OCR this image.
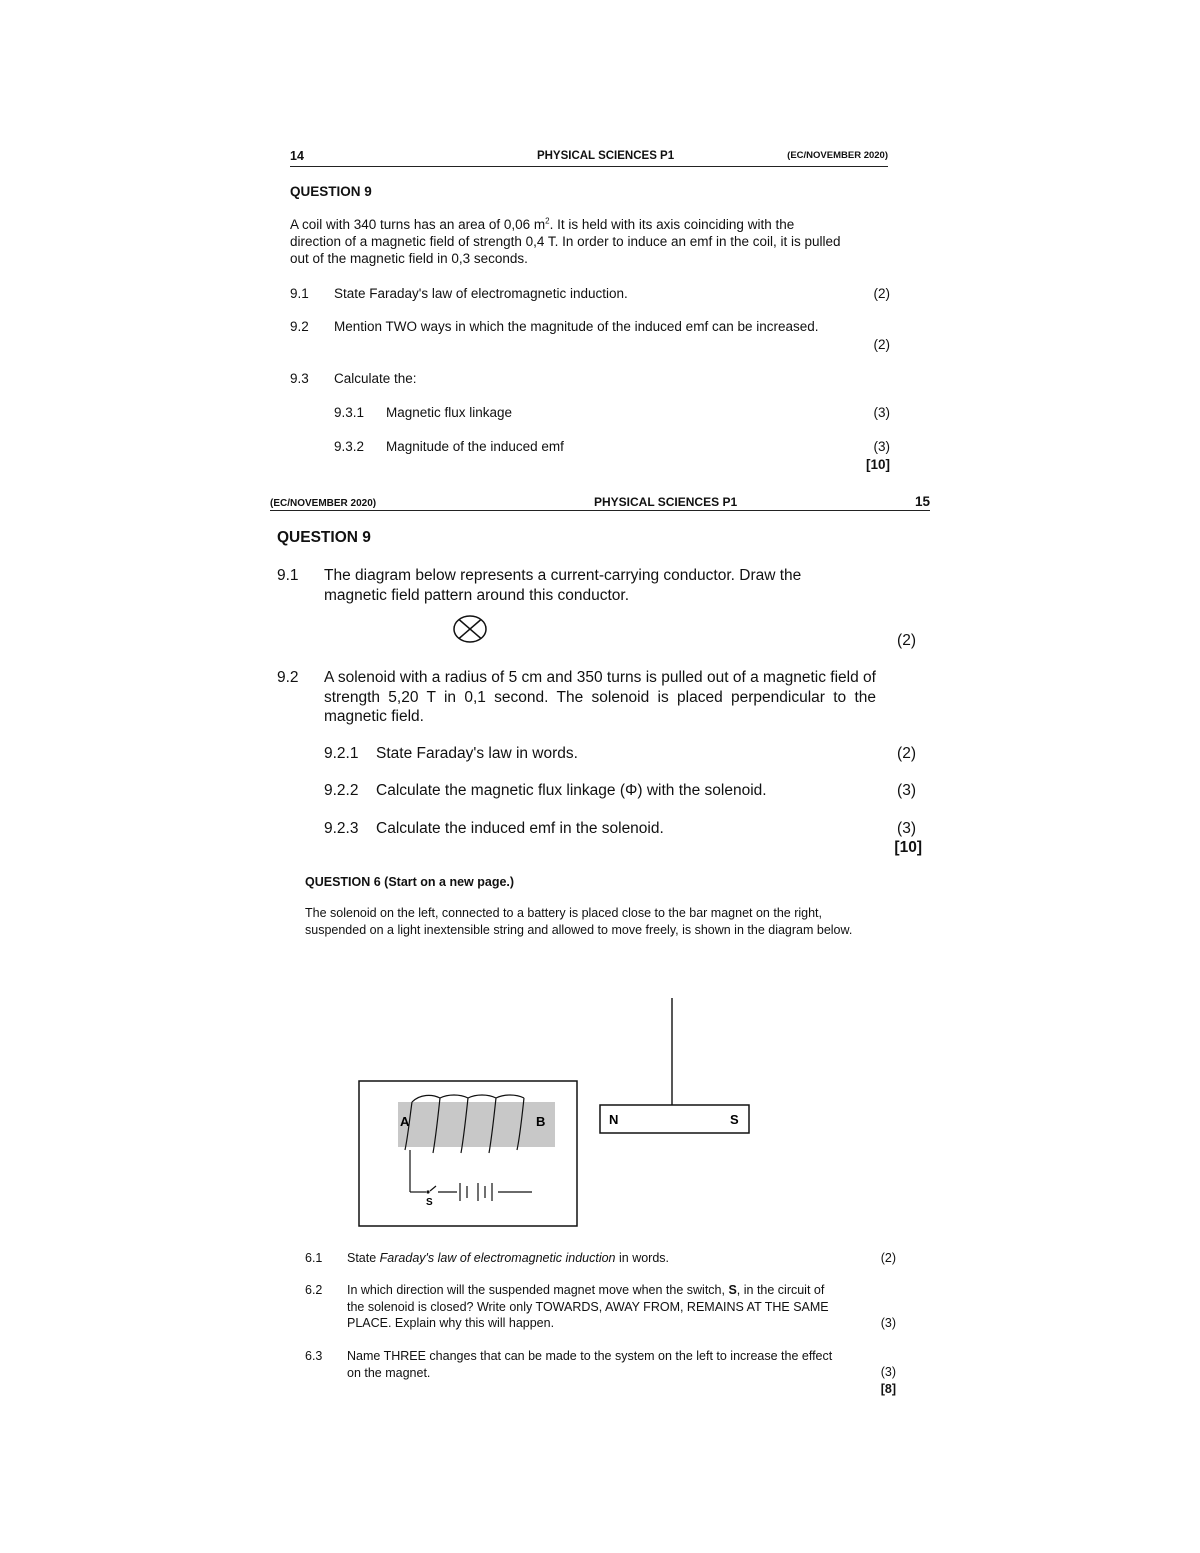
14	PHYSICAL SCIENCES P1	(EC/NOVEMBER 2020)
QUESTION 9
A coil with 340 turns has an area of 0,06 $m^2$. It is held with its axis coinciding with the direction of a magnetic field of strength 0,4 T. In order to induce an emf in the coil, it is pulled out of the magnetic field in 0,3 seconds.
9.1 State Faraday's law of electromagnetic induction.	(2)
9.2 Mention TWO ways in which the magnitude of the induced emf can be increased.
(2)
9.3 Calculate the:
9.3.1 Magnetic flux linkage	(3)
9.3.2 Magnitude of the induced emf	(3)
[10]
(EC/NOVEMBER 2020)	PHYSICAL SCIENCES P1	15
QUESTION 9
9.1 The diagram below represents a current-carrying conductor. Draw the magnetic field pattern around this conductor.
(2)
9.2 A solenoid with a radius of 5 cm and 350 turns is pulled out of a magnetic field of strength 5,20 T in 0,1 second. The solenoid is placed perpendicular to the magnetic field.
9.2.1 State Faraday's law in words.	(2)
9.2.2 Calculate the magnetic flux linkage (Φ) with the solenoid.	(3)
9.2.3 Calculate the induced emf in the solenoid.	(3)
[10]
QUESTION 6 (Start on a new page.)
The solenoid on the left, connected to a battery is placed close to the bar magnet on the right, suspended on a light inextensible string and allowed to move freely, is shown in the diagram below.
A	B
S
N	S
6.1 State Faraday's law of electromagnetic induction in words.	(2)
6.2 In which direction will the suspended magnet move when the switch, S, in the circuit of the solenoid is closed? Write only TOWARDS, AWAY FROM, REMAINS AT THE SAME PLACE. Explain why this will happen.	(3)
6.3 Name THREE changes that can be made to the system on the left to increase the effect on the magnet.	(3)
[8]
